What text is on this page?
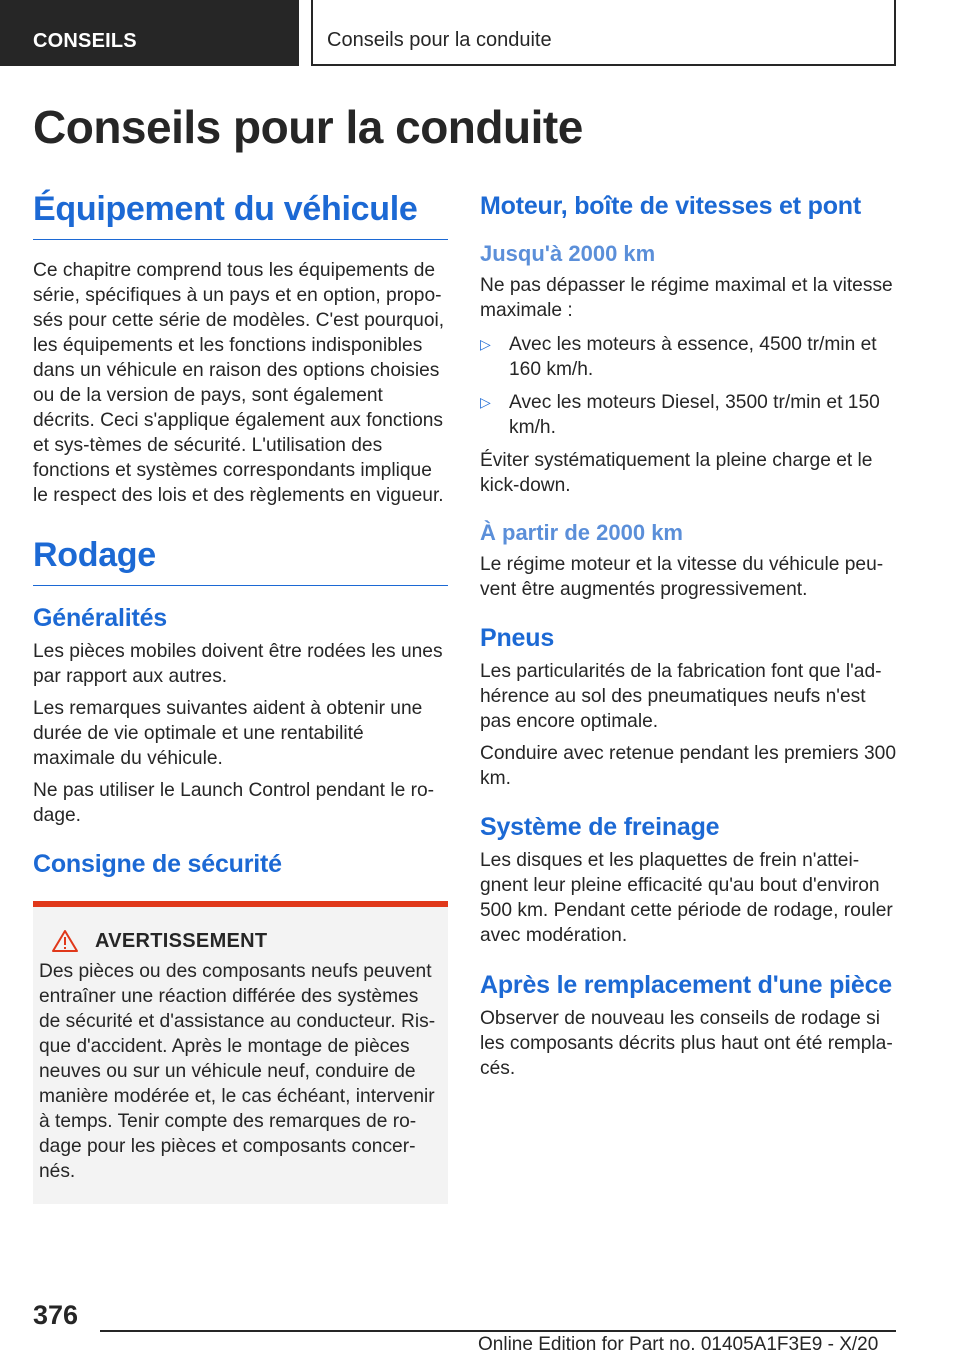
CONSEILS	Conseils pour la conduite
Conseils pour la conduite
Équipement du véhicule

Ce chapitre comprend tous les équipements de série, spécifiques à un pays et en option, propo-sés pour cette série de modèles. C'est pourquoi, les équipements et les fonctions indisponibles dans un véhicule en raison des options choisies ou de la version de pays, sont également décrits. Ceci s'applique également aux fonctions et sys-tèmes de sécurité. L'utilisation des fonctions et systèmes correspondants implique le respect des lois et des règlements en vigueur.

Rodage
Généralités

Les pièces mobiles doivent être rodées les unes par rapport aux autres.

Les remarques suivantes aident à obtenir une durée de vie optimale et une rentabilité maximale du véhicule.

Ne pas utiliser le Launch Control pendant le ro-dage.

Consigne de sécurité
AVERTISSEMENT

Des pièces ou des composants neufs peuvent entraîner une réaction différée des systèmes de sécurité et d'assistance au conducteur. Ris-que d'accident. Après le montage de pièces neuves ou sur un véhicule neuf, conduire de manière modérée et, le cas échéant, intervenir à temps. Tenir compte des remarques de ro-dage pour les pièces et composants concer-nés.

Moteur, boîte de vitesses et pont
Jusqu'à 2000 km

Ne pas dépasser le régime maximal et la vitesse maximale :

▷ Avec les moteurs à essence, 4500 tr/min et 160 km/h.
▷ Avec les moteurs Diesel, 3500 tr/min et 150 km/h.

Éviter systématiquement la pleine charge et le kick-down.

À partir de 2000 km

Le régime moteur et la vitesse du véhicule peu-vent être augmentés progressivement.

Pneus

Les particularités de la fabrication font que l'ad-hérence au sol des pneumatiques neufs n'est pas encore optimale.

Conduire avec retenue pendant les premiers 300 km.

Système de freinage

Les disques et les plaquettes de frein n'attei-gnent leur pleine efficacité qu'au bout d'environ 500 km. Pendant cette période de rodage, rouler avec modération.

Après le remplacement d'une pièce

Observer de nouveau les conseils de rodage si les composants décrits plus haut ont été rempla-cés.

376
Online Edition for Part no. 01405A1F3E9 - X/20
